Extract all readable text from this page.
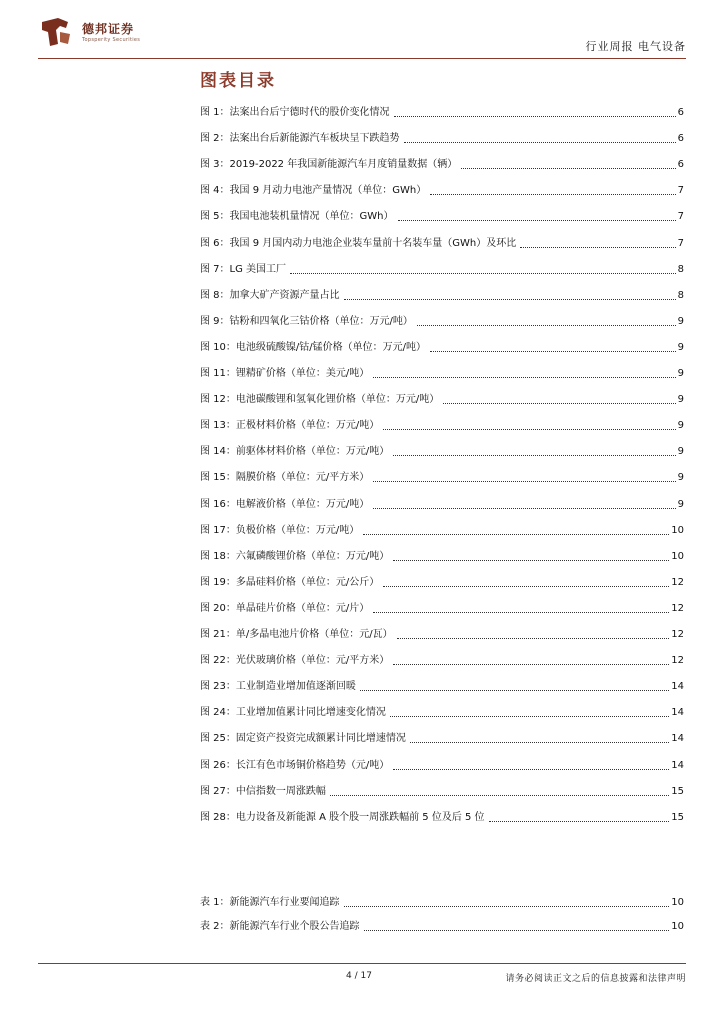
德邦证券
Topsperity Securities	行业周报 电气设备
图表目录
图 1：法案出台后宁德时代的股价变化情况	6
图 2：法案出台后新能源汽车板块呈下跌趋势	6
图 3：2019-2022 年我国新能源汽车月度销量数据（辆）	6
图 4：我国 9 月动力电池产量情况（单位：GWh）	7
图 5：我国电池装机量情况（单位：GWh）	7
图 6：我国 9 月国内动力电池企业装车量前十名装车量（GWh）及环比	7
图 7：LG 美国工厂	8
图 8：加拿大矿产资源产量占比	8
图 9：钴粉和四氧化三钴价格（单位：万元/吨）	9
图 10：电池级硫酸镍/钴/锰价格（单位：万元/吨）	9
图 11：锂精矿价格（单位：美元/吨）	9
图 12：电池碳酸锂和氢氧化锂价格（单位：万元/吨）	9
图 13：正极材料价格（单位：万元/吨）	9
图 14：前驱体材料价格（单位：万元/吨）	9
图 15：隔膜价格（单位：元/平方米）	9
图 16：电解液价格（单位：万元/吨）	9
图 17：负极价格（单位：万元/吨）	10
图 18：六氟磷酸锂价格（单位：万元/吨）	10
图 19：多晶硅料价格（单位：元/公斤）	12
图 20：单晶硅片价格（单位：元/片）	12
图 21：单/多晶电池片价格（单位：元/瓦）	12
图 22：光伏玻璃价格（单位：元/平方米）	12
图 23：工业制造业增加值逐渐回暖	14
图 24：工业增加值累计同比增速变化情况	14
图 25：固定资产投资完成额累计同比增速情况	14
图 26：长江有色市场铜价格趋势（元/吨）	14
图 27：中信指数一周涨跌幅	15
图 28：电力设备及新能源 A 股个股一周涨跌幅前 5 位及后 5 位	15
表 1：新能源汽车行业要闻追踪	10
表 2：新能源汽车行业个股公告追踪	10
4 / 17	请务必阅读正文之后的信息披露和法律声明
